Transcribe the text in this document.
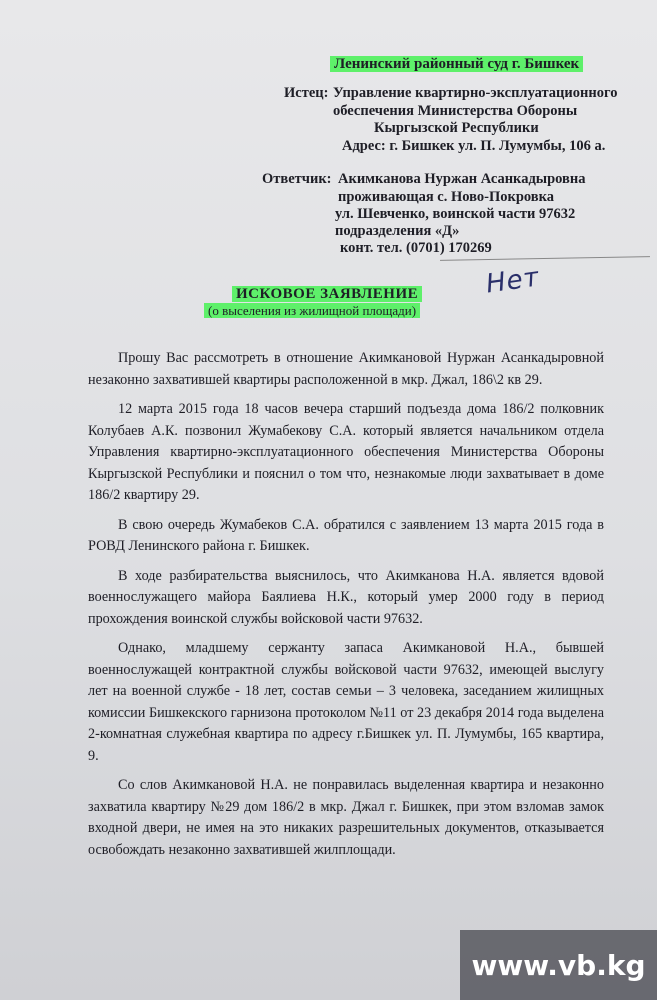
Ленинский районный суд г. Бишкек
Истец: Управление квартирно-эксплуатационного
обеспечения Министерства Обороны
Кыргызской Республики
Адрес: г. Бишкек ул. П. Лумумбы, 106 а.
Ответчик: Акимканова Нуржан Асанкадыровна
проживающая с. Ново-Покровка
ул. Шевченко, воинской части 97632
подразделения «Д»
конт. тел. (0701) 170269
Нет
ИСКОВОЕ ЗАЯВЛЕНИЕ
(о выселения из жилищной площади)

Прошу Вас рассмотреть в отношение Акимкановой Нуржан Асанкадыровной незаконно захватившей квартиры расположенной в мкр. Джал, 186\2 кв 29.

12 марта 2015 года 18 часов вечера старший подъезда дома 186/2 полковник Колубаев А.К. позвонил Жумабекову С.А. который является начальником отдела Управления квартирно-эксплуатационного обеспечения Министерства Обороны Кыргызской Республики и пояснил о том что, незнакомые люди захватывает в доме 186/2 квартиру 29.

В свою очередь Жумабеков С.А. обратился с заявлением 13 марта 2015 года в РОВД Ленинского района г. Бишкек.

В ходе разбирательства выяснилось, что Акимканова Н.А. является вдовой военнослужащего майора Баялиева Н.К., который умер 2000 году в период прохождения воинской службы войсковой части 97632.

Однако, младшему сержанту запаса Акимкановой Н.А., бывшей военнослужащей контрактной службы войсковой части 97632, имеющей выслугу лет на военной службе - 18 лет, состав семьи – 3 человека, заседанием жилищных комиссии Бишкекского гарнизона протоколом №11 от 23 декабря 2014 года выделена 2-комнатная служебная квартира по адресу г.Бишкек ул. П. Лумумбы, 165 квартира, 9.

Со слов Акимкановой Н.А. не понравилась выделенная квартира и незаконно захватила квартиру №29 дом 186/2 в мкр. Джал г. Бишкек, при этом взломав замок входной двери, не имея на это никаких разрешительных документов, отказывается освобождать незаконно захватившей жилплощади.

www.vb.kg
